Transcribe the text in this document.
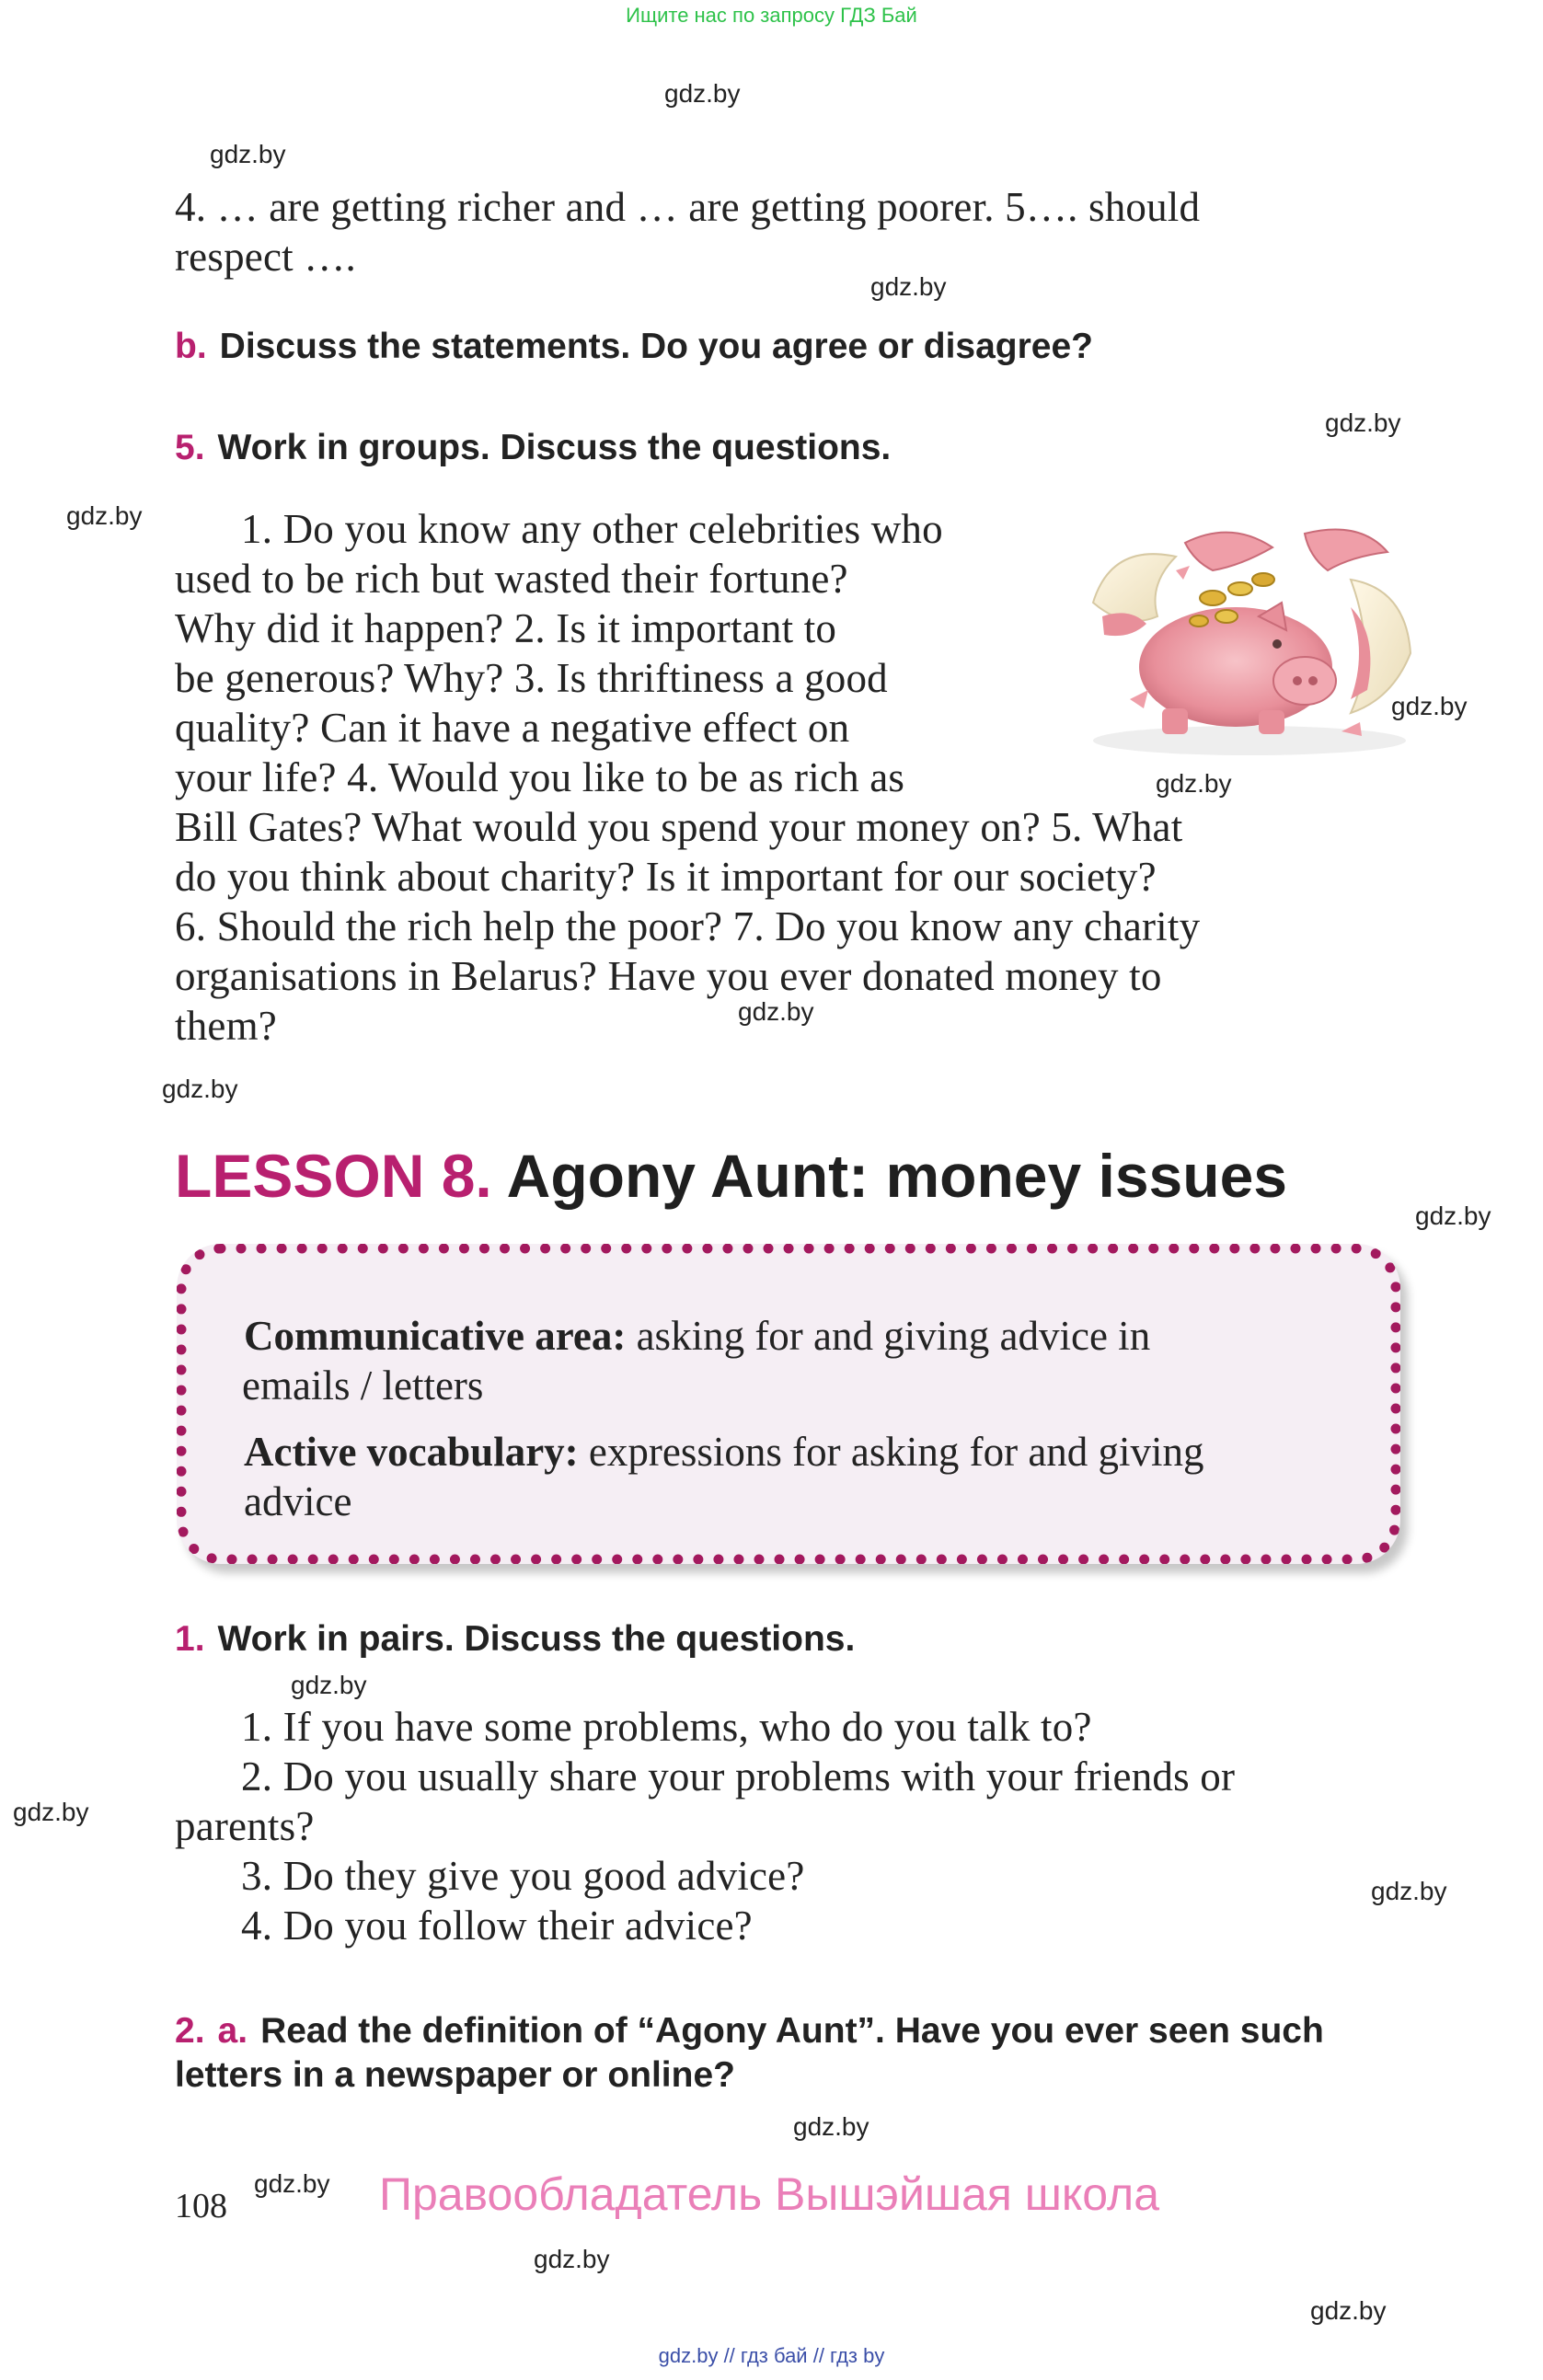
Ищите нас по запросу ГДЗ Бай
gdz.by
gdz.by
gdz.by
gdz.by
gdz.by
gdz.by
gdz.by
gdz.by
gdz.by
gdz.by
gdz.by
gdz.by
gdz.by
gdz.by
gdz.by
gdz.by
gdz.by

4. … are getting richer and … are getting poorer. 5…. should

respect ….

b. Discuss the statements. Do you agree or disagree?
5. Work in groups. Discuss the questions.

1. Do you know any other celebrities who

used to be rich but wasted their fortune?

Why did it happen? 2. Is it important to

be generous? Why? 3. Is thriftiness a good

quality? Can it have a negative effect on

your life? 4. Would you like to be as rich as

Bill Gates? What would you spend your money on? 5. What

do you think about charity? Is it important for our society?

6. Should the rich help the poor? 7. Do you know any charity

organisations in Belarus? Have you ever donated money to

them?

LESSON 8. Agony Aunt: money issues
Communicative area: asking for and giving advice in
emails / letters
Active vocabulary: expressions for asking for and giving
advice
1. Work in pairs. Discuss the questions.

1. If you have some problems, who do you talk to?

2. Do you usually share your problems with your friends or

parents?

3. Do they give you good advice?

4. Do you follow their advice?

2. a. Read the definition of “Agony Aunt”. Have you ever seen such
letters in a newspaper or online?
108	Правообладатель Вышэйшая школа
gdz.by // гдз бай // гдз by
